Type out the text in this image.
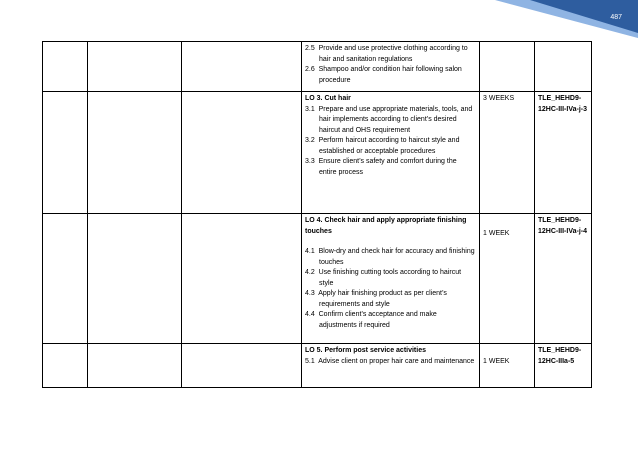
487

			2.5 Provide and use protective clothing according to hair and sanitation regulations
2.6 Shampoo and/or condition hair following salon procedure		

			LO 3. Cut hair
3.1 Prepare and use appropriate materials, tools, and hair implements according to client’s desired haircut and OHS requirement
3.2 Perform haircut according to haircut style and established or acceptable procedures
3.3 Ensure client’s safety and comfort during the entire process	3 WEEKS	TLE_HEHD9-12HC-III-IVa-j-3

			LO 4. Check hair and apply appropriate finishing touches
4.1 Blow-dry and check hair for accuracy and finishing touches
4.2 Use finishing cutting tools according to haircut style
4.3 Apply hair finishing product as per client’s requirements and style
4.4 Confirm client’s acceptance and make adjustments if required	1 WEEK	TLE_HEHD9-12HC-III-IVa-j-4

			LO 5. Perform post service activities
5.1 Advise client on proper hair care and maintenance	1 WEEK	TLE_HEHD9-12HC-IIIa-5
